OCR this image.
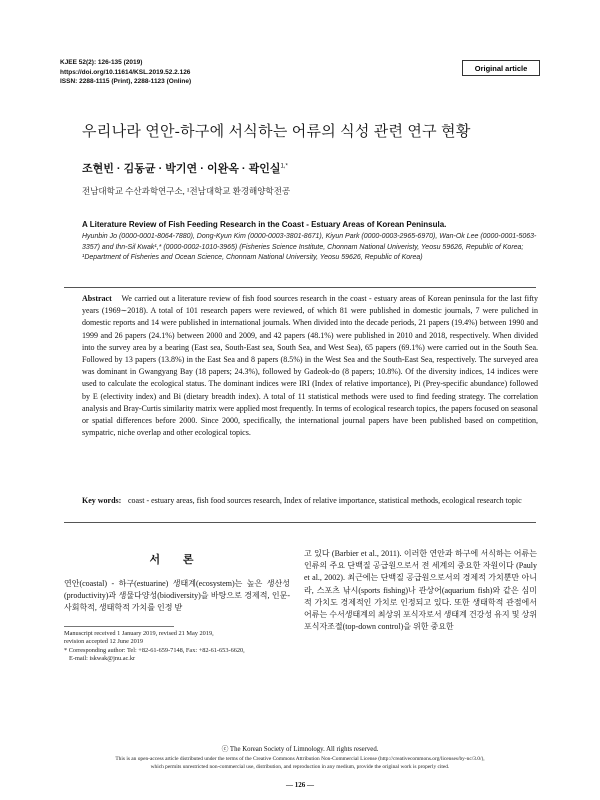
KJEE 52(2): 126-135 (2019)
https://doi.org/10.11614/KSL.2019.52.2.126
ISSN: 2288-1115 (Print), 2288-1123 (Online)
Original article
우리나라 연안-하구에 서식하는 어류의 식성 관련 연구 현황
조현빈 · 김동균 · 박기연 · 이완옥 · 곽인실$^{1,*}$
전남대학교 수산과학연구소, ¹전남대학교 환경해양학전공
A Literature Review of Fish Feeding Research in the Coast - Estuary Areas of Korean Peninsula.
Hyunbin Jo (0000-0001-8064-7880), Dong-Kyun Kim (0000-0003-3801-8671), Kiyun Park (0000-0003-2965-6970), Wan-Ok Lee (0000-0001-5063-3357) and Ihn-Sil Kwak¹,* (0000-0002-1010-3965) (Fisheries Science Institute, Chonnam National Univeristy, Yeosu 59626, Republic of Korea; ¹Department of Fisheries and Ocean Science, Chonnam National University, Yeosu 59626, Republic of Korea)
Abstract We carried out a literature review of fish food sources research in the coast - estuary areas of Korean peninsula for the last fifty years (1969∼2018). A total of 101 research papers were reviewed, of which 81 were published in domestic journals, 7 were puliched in domestic reports and 14 were published in international journals. When divided into the decade periods, 21 papers (19.4%) between 1990 and 1999 and 26 papers (24.1%) between 2000 and 2009, and 42 papers (48.1%) were published in 2010 and 2018, respectively. When divided into the survey area by a bearing (East sea, South-East sea, South Sea, and West Sea), 65 papers (69.1%) were carried out in the South Sea. Followed by 13 papers (13.8%) in the East Sea and 8 papers (8.5%) in the West Sea and the South-East Sea, respectively. The surveyed area was dominant in Gwangyang Bay (18 papers; 24.3%), followed by Gadeok-do (8 papers; 10.8%). Of the diversity indices, 14 indices were used to calculate the ecological status. The dominant indices were IRI (Index of relative importance), Pi (Prey-specific abundance) followed by E (electivity index) and Bi (dietary breadth index). A total of 11 statistical methods were used to find feeding strategy. The correlation analysis and Bray-Curtis similarity matrix were applied most frequently. In terms of ecological research topics, the papers focused on seasonal or spatial differences before 2000. Since 2000, specifically, the international journal papers have been published based on competition, sympatric, niche overlap and other ecological topics.
Key words: coast - estuary areas, fish food sources research, Index of relative importance, statistical methods, ecological research topic
서 론
연안(coastal) - 하구(estuarine) 생태계(ecosystem)는 높은 생산성(productivity)과 생물다양성(biodiversity)을 바탕으로 경제적, 인문-사회학적, 생태학적 가치를 인정 받
고 있다 (Barbier et al., 2011). 이러한 연안과 하구에 서식하는 어류는 인류의 주요 단백질 공급원으로서 전 세계의 중요한 자원이다 (Pauly et al., 2002). 최근에는 단백질 공급원으로서의 경제적 가치뿐만 아니라, 스포츠 낚시(sports fishing)나 관상어(aquarium fish)와 같은 심미적 가치도 경제적인 가치로 인정되고 있다. 또한 생태학적 관점에서 어류는 수서생태계의 최상위 포식자로서 생태계 건강성 유지 및 상위포식자조절(top-down control)을 위한 중요한
Manuscript received 1 January 2019, revised 21 May 2019,
revision accepted 12 June 2019
* Corresponding author: Tel: +82-61-659-7148, Fax: +82-61-653-6620,
E-mail: iskwak@jnu.ac.kr
ⓒ The Korean Society of Limnology. All rights reserved.
This is an open-access article distributed under the terms of the Creative Commons Attribution Non-Commercial License (http://creativecommons.org/licenses/by-nc/3.0/),
which permits unrestricted non-commercial use, distribution, and reproduction in any medium, provide the original work is properly cited.
— 126 —
